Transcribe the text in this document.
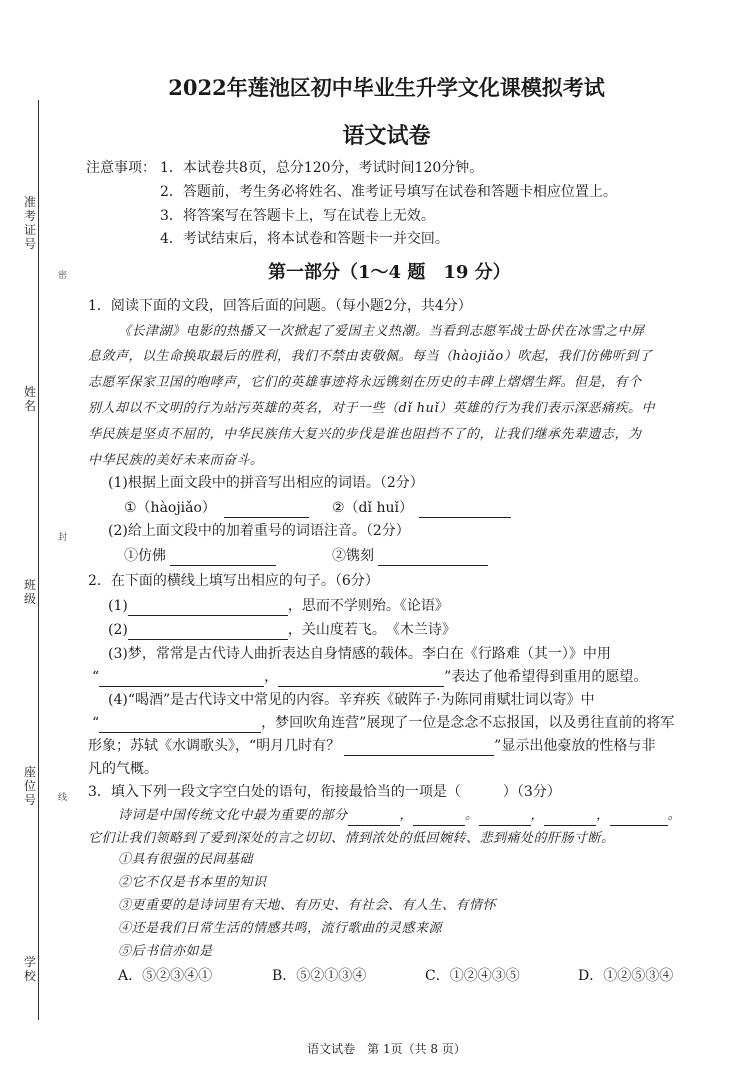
准考证号
姓　名
班　级
座位号
学　校
密
封
线
2022年莲池区初中毕业生升学文化课模拟考试
语文试卷
注意事项： 1．本试卷共8页，总分120分，考试时间120分钟。
2．答题前，考生务必将姓名、准考证号填写在试卷和答题卡相应位置上。
3．将答案写在答题卡上，写在试卷上无效。
4．考试结束后，将本试卷和答题卡一并交回。
第一部分（1～4 题　19 分）
1．阅读下面的文段，回答后面的问题。（每小题2分，共4分）
《长津湖》电影的热播又一次掀起了爱国主义热潮。当看到志愿军战士卧伏在冰雪之中屏
息敛声，以生命换取最后的胜利，我们不禁由衷敬佩。每当（hàojiǎo）吹起，我们仿佛听到了
志愿军保家卫国的咆哮声，它们的英雄事迹将永远镌刻在历史的丰碑上熠熠生辉。但是，有个
别人却以不文明的行为站污英雄的英名，对于一些（dǐ huǐ）英雄的行为我们表示深恶痛疾。中
华民族是坚贞不屈的，中华民族伟大复兴的步伐是谁也阻挡不了的，让我们继承先辈遗志，为
中华民族的美好未来而奋斗。
(1)根据上面文段中的拼音写出相应的词语。（2分）
①（hàojiǎo）	②（dǐ huǐ）
(2)给上面文段中的加着重号的词语注音。（2分）
①仿佛	②镌刻
2．在下面的横线上填写出相应的句子。（6分）
(1)	，思而不学则殆。《论语》
(2)	，关山度若飞。　《木兰诗》
(3)梦，常常是古代诗人曲折表达自身情感的载体。李白在《行路难（其一）》中用
“	，	”表达了他希望得到重用的愿望。
(4)“喝酒”是古代诗文中常见的内容。辛弃疾《破阵子·为陈同甫赋壮词以寄》中
“	，梦回吹角连营”展现了一位是念念不忘报国，以及勇往直前的将军
形象；苏轼《水调歌头》，“明月几时有？	”显示出他豪放的性格与非
凡的气概。
3．填入下列一段文字空白处的语句，衔接最恰当的一项是（　　　）（3分）
诗词是中国传统文化中最为重要的部分	，	。	，	，	。
它们让我们领略到了爱到深处的言之切切、情到浓处的低回婉转、悲到痛处的肝肠寸断。
①具有很强的民间基础
②它不仅是书本里的知识
③更重要的是诗词里有天地、有历史、有社会、有人生、有情怀
④还是我们日常生活的情感共鸣，流行歌曲的灵感来源
⑤后书信亦如是
A．⑤②③④①	B．⑤②①③④	C．①②④③⑤	D．①②⑤③④
语文试卷　第 1页（共 8 页）
